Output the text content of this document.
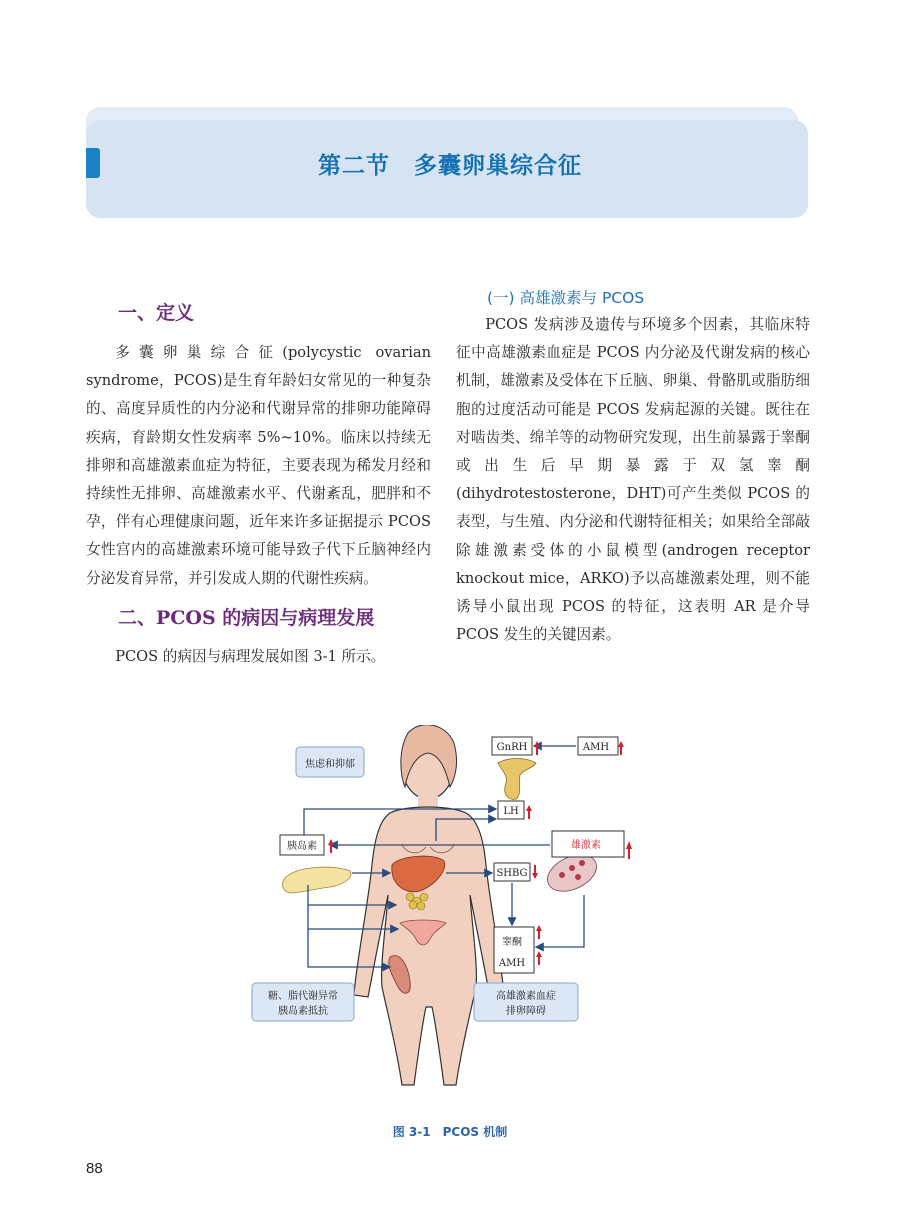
第二节　多囊卵巢综合征
一、定义

多囊卵巢综合征(polycystic ovarian syndrome，PCOS)是生育年龄妇女常见的一种复杂的、高度异质性的内分泌和代谢异常的排卵功能障碍疾病，育龄期女性发病率 5%~10%。临床以持续无排卵和高雄激素血症为特征，主要表现为稀发月经和持续性无排卵、高雄激素水平、代谢紊乱，肥胖和不孕，伴有心理健康问题，近年来许多证据提示 PCOS 女性宫内的高雄激素环境可能导致子代下丘脑神经内分泌发育异常，并引发成人期的代谢性疾病。

二、PCOS 的病因与病理发展

PCOS 的病因与病理发展如图 3-1 所示。

(一) 高雄激素与 PCOS

PCOS 发病涉及遗传与环境多个因素，其临床特征中高雄激素血症是 PCOS 内分泌及代谢发病的核心机制，雄激素及受体在下丘脑、卵巢、骨骼肌或脂肪细胞的过度活动可能是 PCOS 发病起源的关键。既往在对啮齿类、绵羊等的动物研究发现，出生前暴露于睾酮或出生后早期暴露于双氢睾酮(dihydrotestosterone，DHT)可产生类似 PCOS 的表型，与生殖、内分泌和代谢特征相关；如果给全部敲除雄激素受体的小鼠模型(androgen receptor knockout mice，ARKO)予以高雄激素处理，则不能诱导小鼠出现 PCOS 的特征，这表明 AR 是介导 PCOS 发生的关键因素。

焦虑和抑郁
GnRH	AMH
LH
胰岛素	雄激素
SHBG
睾酮
AMH
糖、脂代谢异常
胰岛素抵抗
高雄激素血症
排卵障碍
图 3-1　PCOS 机制
88
